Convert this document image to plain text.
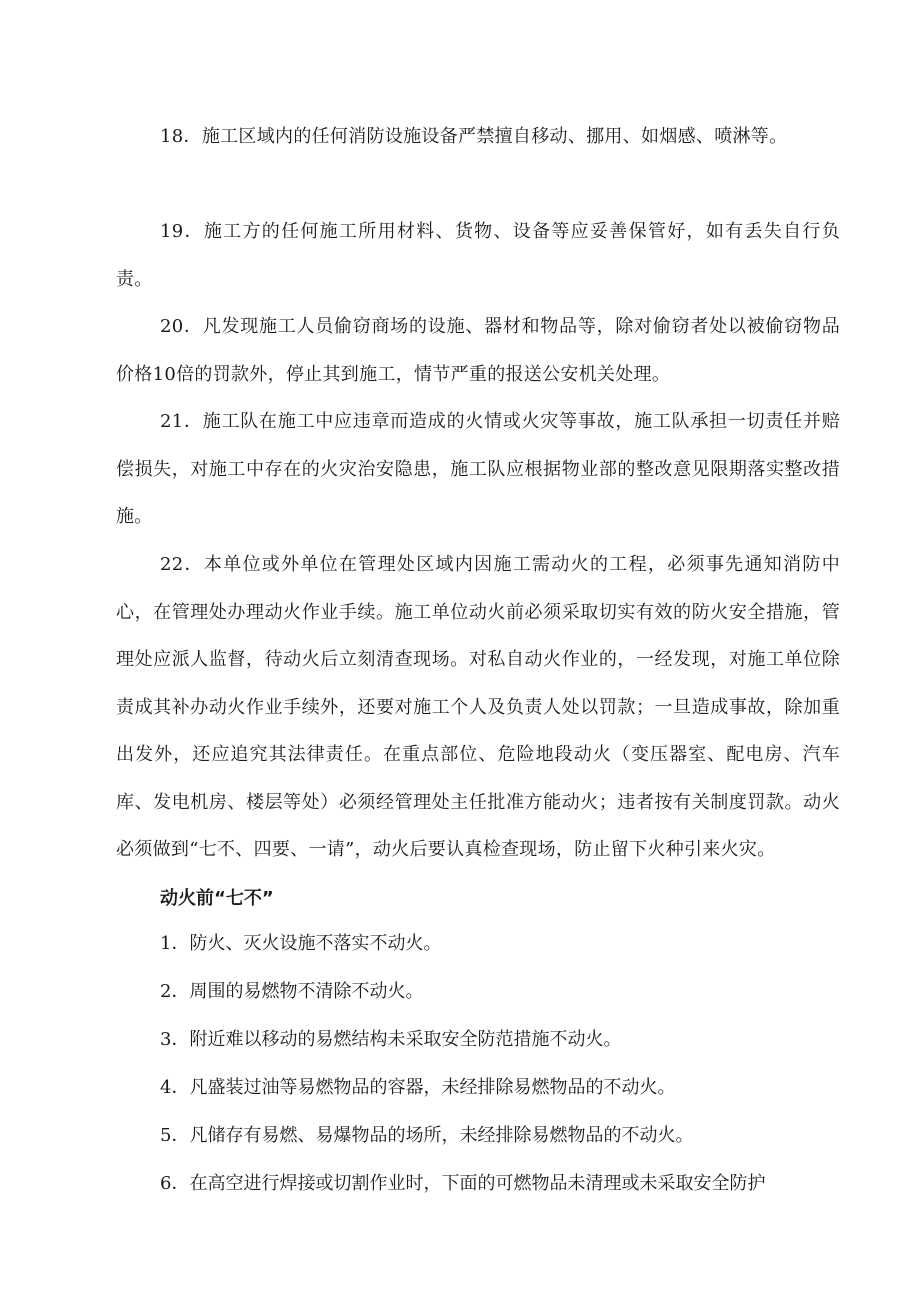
18．施工区域内的任何消防设施设备严禁擅自移动、挪用、如烟感、喷淋等。

19．施工方的任何施工所用材料、货物、设备等应妥善保管好，如有丢失自行负责。

20．凡发现施工人员偷窃商场的设施、器材和物品等，除对偷窃者处以被偷窃物品价格10倍的罚款外，停止其到施工，情节严重的报送公安机关处理。

21．施工队在施工中应违章而造成的火情或火灾等事故，施工队承担一切责任并赔偿损失，对施工中存在的火灾治安隐患，施工队应根据物业部的整改意见限期落实整改措施。

22．本单位或外单位在管理处区域内因施工需动火的工程，必须事先通知消防中心，在管理处办理动火作业手续。施工单位动火前必须采取切实有效的防火安全措施，管理处应派人监督，待动火后立刻清查现场。对私自动火作业的，一经发现，对施工单位除责成其补办动火作业手续外，还要对施工个人及负责人处以罚款；一旦造成事故，除加重出发外，还应追究其法律责任。在重点部位、危险地段动火（变压器室、配电房、汽车库、发电机房、楼层等处）必须经管理处主任批准方能动火；违者按有关制度罚款。动火必须做到“七不、四要、一请”，动火后要认真检查现场，防止留下火种引来火灾。

动火前“七不”

1．防火、灭火设施不落实不动火。

2．周围的易燃物不清除不动火。

3．附近难以移动的易燃结构未采取安全防范措施不动火。

4．凡盛装过油等易燃物品的容器，未经排除易燃物品的不动火。

5．凡储存有易燃、易爆物品的场所，未经排除易燃物品的不动火。

6．在高空进行焊接或切割作业时，下面的可燃物品未清理或未采取安全防护
